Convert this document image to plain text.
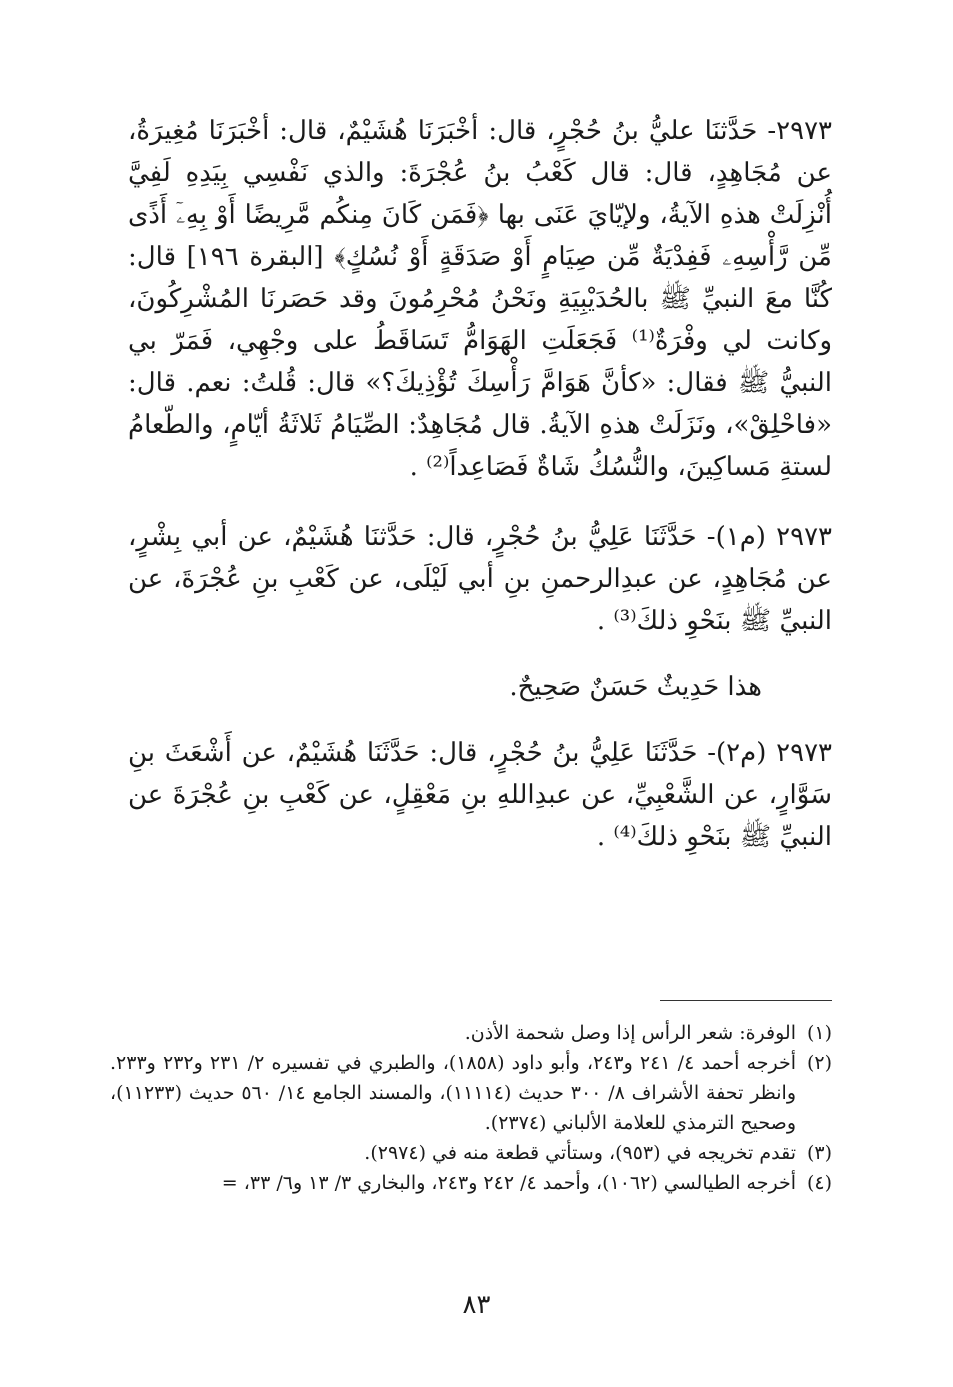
٢٩٧٣- حَدَّثنَا عليُّ بنُ حُجْرٍ، قال: أخْبَرَنَا هُشَيْمٌ، قال: أخْبَرَنَا مُغِيرَةُ، عن مُجَاهِدٍ، قال: قال كَعْبُ بنُ عُجْرَةَ: والذي نَفْسِي بِيَدِهِ لَفِيَّ أُنْزِلَتْ هذهِ الآيةُ، ولإيّايَ عَنَى بها ﴿فَمَن كَانَ مِنكُم مَّرِيضًا أَوْ بِهِۦٓ أَذًى مِّن رَّأْسِهِۦ فَفِدْيَةٌ مِّن صِيَامٍ أَوْ صَدَقَةٍ أَوْ نُسُكٍ﴾ [البقرة ١٩٦] قال: كُنَّا معَ النبيِّ ﷺ بالحُدَيْبِيَةِ ونَحْنُ مُحْرِمُونَ وقد حَصَرنَا المُشْرِكُونَ، وكانت لي وفْرَةٌ⁽¹⁾ فَجَعَلَتِ الهَوَامُّ تَسَاقَطُ على وجْهِي، فَمَرّ بي النبيُّ ﷺ فقال: «كأنَّ هَوَامَّ رَأْسِكَ تُؤْذِيكَ؟» قال: قُلتُ: نعم. قال: «فاحْلِقْ»، ونَزَلَتْ هذهِ الآيةُ. قال مُجَاهِدٌ: الصِّيَامُ ثَلاثَةُ أيّامٍ، والطّعامُ لستةِ مَساكِينَ، والنُّسُكُ شَاةٌ فَصَاعِداً⁽²⁾ .

٢٩٧٣ (م١)- حَدَّثَنَا عَلِيُّ بنُ حُجْرٍ، قال: حَدَّثنَا هُشَيْمٌ، عن أبي بِشْرٍ، عن مُجَاهِدٍ، عن عبدِالرحمنِ بنِ أبي لَيْلَى، عن كَعْبِ بنِ عُجْرَةَ، عن النبيِّ ﷺ بنَحْوِ ذلكَ⁽³⁾ .

هذا حَدِيثٌ حَسَنٌ صَحِيحٌ.

٢٩٧٣ (م٢)- حَدَّثَنَا عَلِيُّ بنُ حُجْرٍ، قال: حَدَّثَنَا هُشَيْمٌ، عن أَشْعَثَ بنِ سَوَّارٍ، عن الشَّعْبِيِّ، عن عبدِاللهِ بنِ مَعْقِلٍ، عن كَعْبِ بنِ عُجْرَةَ عن النبيِّ ﷺ بنَحْوِ ذلكَ⁽⁴⁾ .

(١)
الوفرة: شعر الرأس إذا وصل شحمة الأذن.

(٢)
أخرجه أحمد ٤/ ٢٤١ و٢٤٣، وأبو داود (١٨٥٨)، والطبري في تفسيره ٢/ ٢٣١ و٢٣٢ و٢٣٣. وانظر تحفة الأشراف ٨/ ٣٠٠ حديث (١١١١٤)، والمسند الجامع ١٤/ ٥٦٠ حديث (١١٢٣٣)، وصحيح الترمذي للعلامة الألباني (٢٣٧٤).

(٣)
تقدم تخريجه في (٩٥٣)، وستأتي قطعة منه في (٢٩٧٤).

(٤)
أخرجه الطيالسي (١٠٦٢)، وأحمد ٤/ ٢٤٢ و٢٤٣، والبخاري ٣/ ١٣ و٦/ ٣٣، =

٨٣
